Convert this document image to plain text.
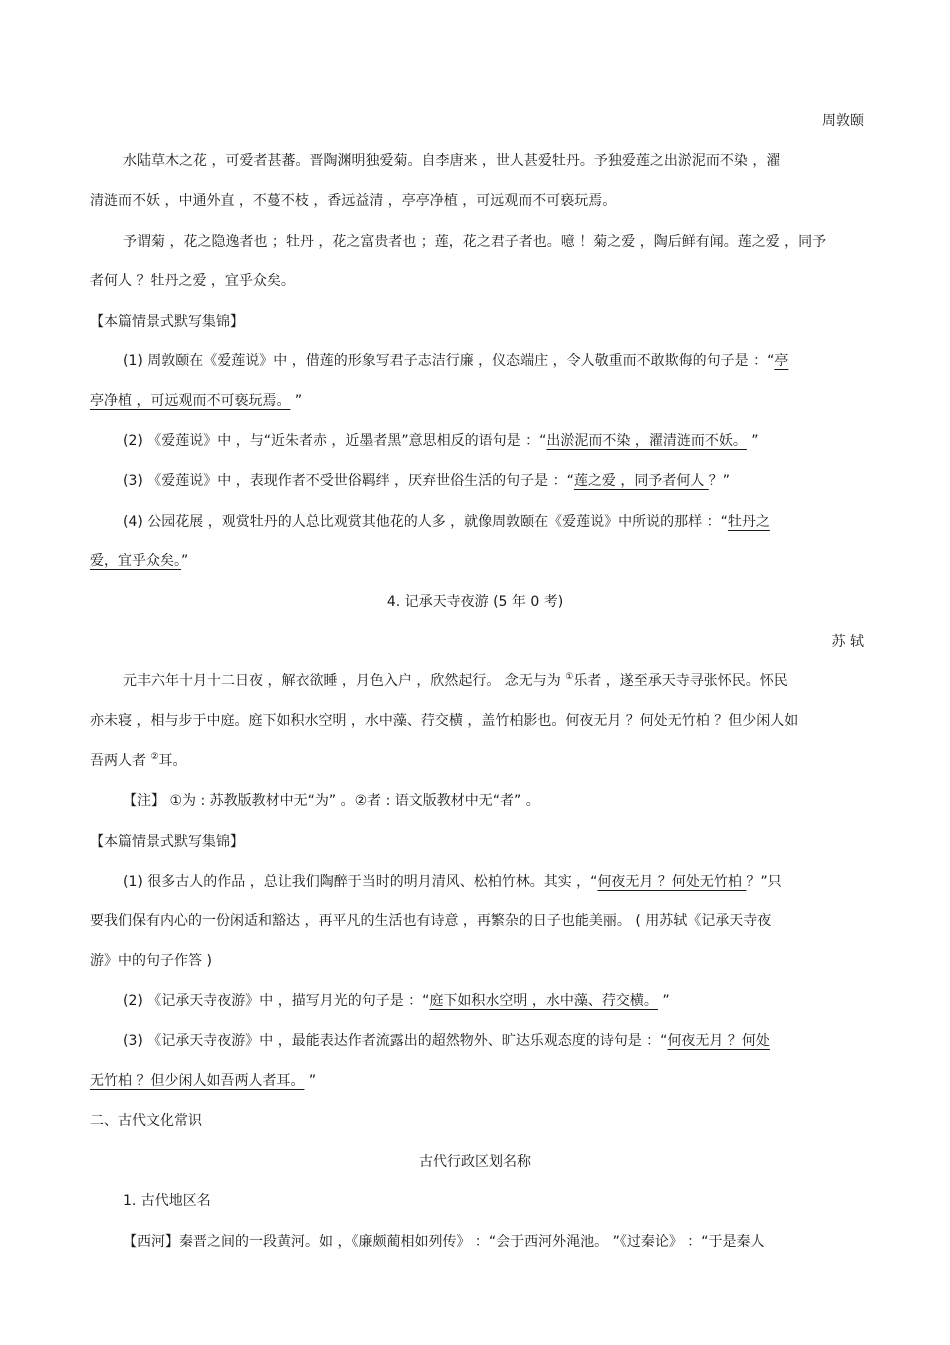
周敦颐
水陆草木之花 ，可爱者甚蕃。晋陶渊明独爱菊。自李唐来 ，世人甚爱牡丹。予独爱莲之出淤泥而不染 ，濯
清涟而不妖 ，中通外直 ，不蔓不枝 ，香远益清 ，亭亭净植 ，可远观而不可亵玩焉。
予谓菊 ，花之隐逸者也 ；牡丹 ，花之富贵者也 ；莲，花之君子者也。噫 ！菊之爱 ，陶后鲜有闻。莲之爱 ，同予
者何人 ？牡丹之爱 ，宜乎众矣。
【本篇情景式默写集锦】
(1) 周敦颐在《爱莲说》中 ，借莲的形象写君子志洁行廉 ，仪态端庄 ，令人敬重而不敢欺侮的句子是 ：“亭
亭净植 ，可远观而不可亵玩焉。 ”
(2) 《爱莲说》中 ，与“近朱者赤 ，近墨者黑”意思相反的语句是 ：“出淤泥而不染 ，濯清涟而不妖。 ”
(3) 《爱莲说》中 ，表现作者不受世俗羁绊 ，厌弃世俗生活的句子是 ：“莲之爱 ，同予者何人 ？”
(4) 公园花展 ，观赏牡丹的人总比观赏其他花的人多 ，就像周敦颐在《爱莲说》中所说的那样 ：“牡丹之
爱，宜乎众矣。”
4. 记承天寺夜游 (5 年 0 考)
苏 轼
元丰六年十月十二日夜 ，解衣欲睡 ，月色入户 ，欣然起行。 念无与为 ①乐者 ，遂至承天寺寻张怀民。怀民
亦未寝 ，相与步于中庭。庭下如积水空明 ，水中藻、荇交横 ，盖竹柏影也。何夜无月 ？何处无竹柏 ？但少闲人如
吾两人者 ②耳。
【注】 ①为 : 苏教版教材中无“为” 。②者 : 语文版教材中无“者” 。
【本篇情景式默写集锦】
(1) 很多古人的作品 ，总让我们陶醉于当时的明月清风、松柏竹林。其实 ，“何夜无月 ？何处无竹柏 ？”只
要我们保有内心的一份闲适和豁达 ，再平凡的生活也有诗意 ，再繁杂的日子也能美丽。 ( 用苏轼《记承天寺夜
游》中的句子作答 )
(2) 《记承天寺夜游》中 ，描写月光的句子是 ：“庭下如积水空明 ，水中藻、荇交横。 ”
(3) 《记承天寺夜游》中 ，最能表达作者流露出的超然物外、旷达乐观态度的诗句是 ：“何夜无月 ？何处
无竹柏 ？但少闲人如吾两人者耳。 ”
二、古代文化常识
古代行政区划名称
1. 古代地区名
【西河】秦晋之间的一段黄河。如 ，《廉颇蔺相如列传》 ：“会于西河外渑池。 ”《过秦论》 ：“于是秦人
